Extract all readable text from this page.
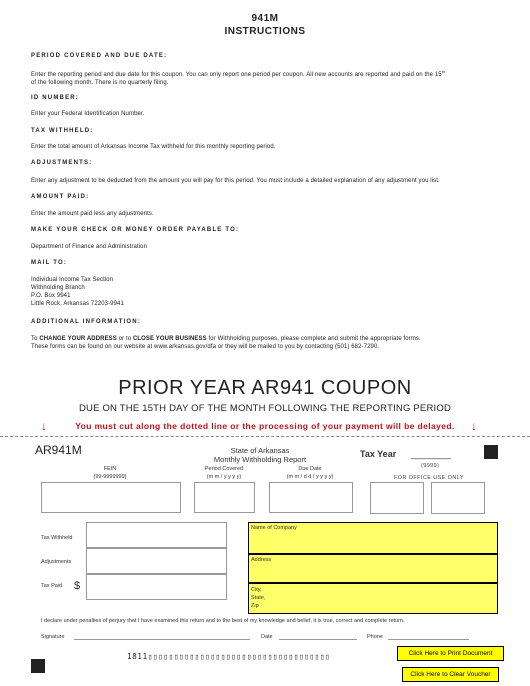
941M
INSTRUCTIONS
PERIOD COVERED AND DUE DATE:
Enter the reporting period and due date for this coupon. You can only report one period per coupon. All new accounts are reported and paid on the 15th
of the following month. There is no quarterly filing.
ID NUMBER:
Enter your Federal Identification Number.
TAX WITHHELD:
Enter the total amount of Arkansas Income Tax withheld for this monthly reporting period.
ADJUSTMENTS:
Enter any adjustment to be deducted from the amount you will pay for this period. You must include a detailed explanation of any adjustment you list.
AMOUNT PAID:
Enter the amount paid less any adjustments.
MAKE YOUR CHECK OR MONEY ORDER PAYABLE TO:
Department of Finance and Administration
MAIL TO:
Individual Income Tax Section
Withholding Branch
P.O. Box 9941
Little Rock, Arkansas 72203-9941
ADDITIONAL INFORMATION:
To CHANGE YOUR ADDRESS or to CLOSE YOUR BUSINESS for Withholding purposes, please complete and submit the appropriate forms.
These forms can be found on our website at www.arkansas.gov/dfa or they will be mailed to you by contacting (501) 682-7290.
PRIOR YEAR AR941 COUPON
DUE ON THE 15TH DAY OF THE MONTH FOLLOWING THE REPORTING PERIOD
↓	↓
You must cut along the dotted line or the processing of your payment will be delayed.
AR941M	State of Arkansas
Monthly Withholding Report
Tax Year ________
(9999)
FOR OFFICE USE ONLY
FEIN
(99-9999999)
Period Covered
(m m / y y y y)
Due Date
(m m / d d / y y y y)
Tax Withheld
Adjustments
Tax Paid $
Name of Company
Address
City,
State,
Zip
I declare under penalties of perjury that I have examined this return and to the best of my knowledge and belief, it is true, correct and complete return.
Signature	Date	Phone
1811▯▯▯▯▯▯▯▯▯▯▯▯▯▯▯▯▯▯▯▯▯▯▯▯▯▯▯▯▯▯▯▯▯▯▯	Click Here to Print Document
Click Here to Clear Voucher
